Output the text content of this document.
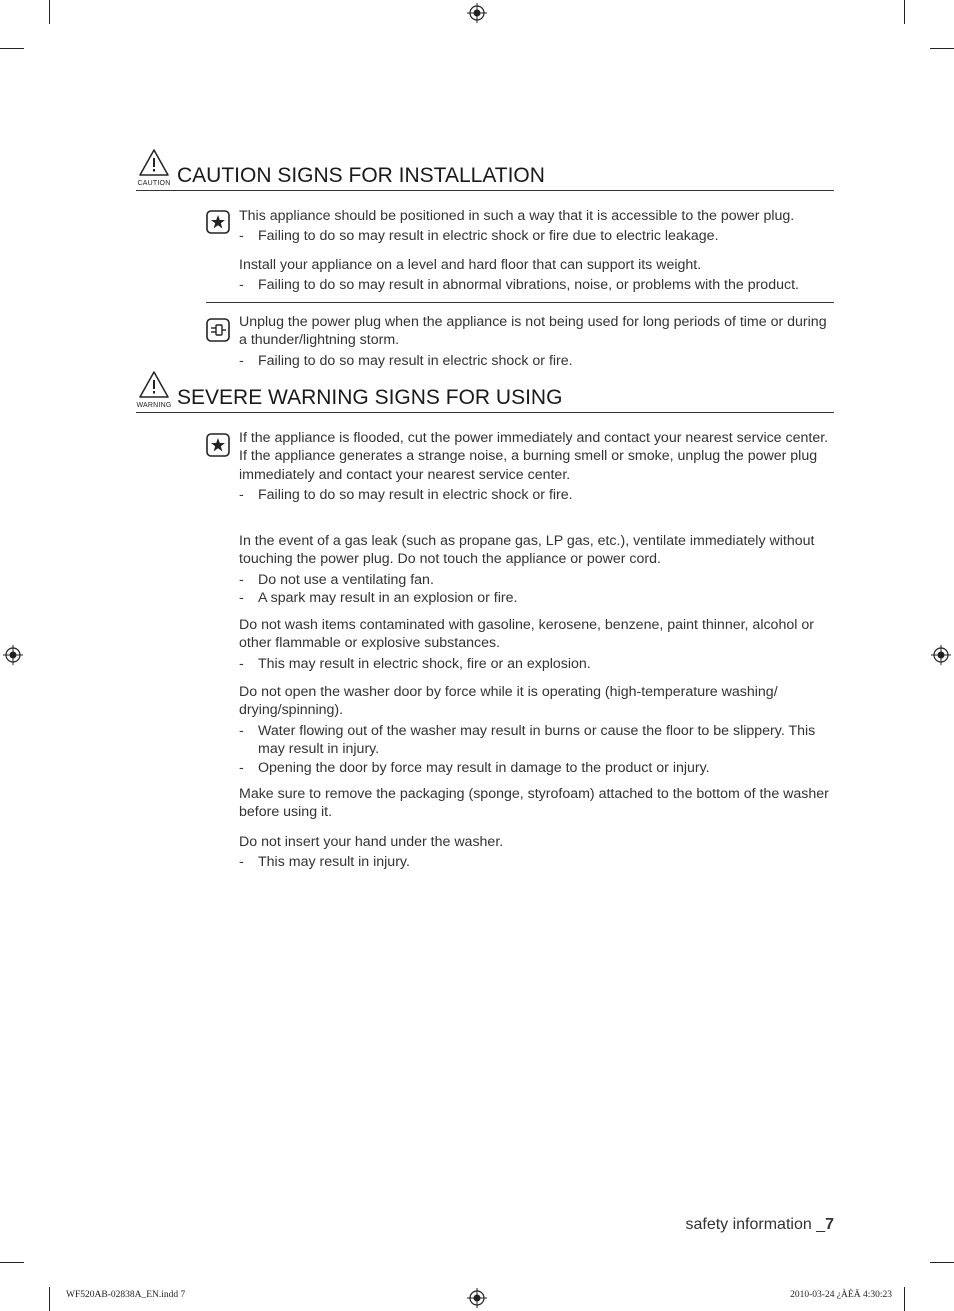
CAUTION CAUTION SIGNS FOR INSTALLATION

This appliance should be positioned in such a way that it is accessible to the power plug.

- Failing to do so may result in electric shock or fire due to electric leakage.

Install your appliance on a level and hard floor that can support its weight.

- Failing to do so may result in abnormal vibrations, noise, or problems with the product.

Unplug the power plug when the appliance is not being used for long periods of time or during a thunder/lightning storm.

- Failing to do so may result in electric shock or fire.
WARNING SEVERE WARNING SIGNS FOR USING

If the appliance is flooded, cut the power immediately and contact your nearest service center.

If the appliance generates a strange noise, a burning smell or smoke, unplug the power plug immediately and contact your nearest service center.

- Failing to do so may result in electric shock or fire.

In the event of a gas leak (such as propane gas, LP gas, etc.), ventilate immediately without touching the power plug. Do not touch the appliance or power cord.

- Do not use a ventilating fan.
- A spark may result in an explosion or fire.

Do not wash items contaminated with gasoline, kerosene, benzene, paint thinner, alcohol or other flammable or explosive substances.

- This may result in electric shock, fire or an explosion.

Do not open the washer door by force while it is operating (high-temperature washing/ drying/spinning).

- Water flowing out of the washer may result in burns or cause the floor to be slippery. This may result in injury.
- Opening the door by force may result in damage to the product or injury.

Make sure to remove the packaging (sponge, styrofoam) attached to the bottom of the washer before using it.

Do not insert your hand under the washer.

- This may result in injury.
safety information _7
WF520AB-02838A_EN.indd 7	2010-03-24 ¿ÀÈÄ 4:30:23
